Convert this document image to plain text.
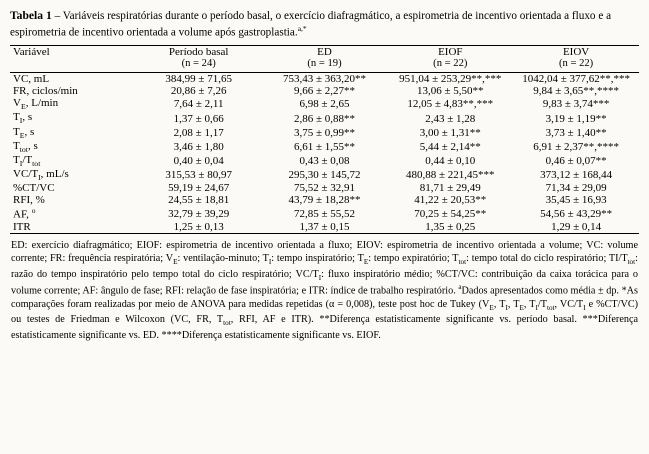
Tabela 1 – Variáveis respiratórias durante o período basal, o exercício diafragmático, a espirometria de incentivo orientada a fluxo e a espirometria de incentivo orientada a volume após gastroplastia.$^{a,*}$

Variável	Período basal	ED	EIOF	EIOV
	(n = 24)	(n = 19)	(n = 22)	(n = 22)
VC, mL	384,99 ± 71,65	753,43 ± 363,20**	951,04 ± 253,29**,***	1042,04 ± 377,62**,***
FR, ciclos/min	20,86 ± 7,26	9,66 ± 2,27**	13,06 ± 5,50**	9,84 ± 3,65**,****
$V_E$, L/min	7,64 ± 2,11	6,98 ± 2,65	12,05 ± 4,83**,***	9,83 ± 3,74***
$T_I$, s	1,37 ± 0,66	2,86 ± 0,88**	2,43 ± 1,28	3,19 ± 1,19**
$T_E$, s	2,08 ± 1,17	3,75 ± 0,99**	3,00 ± 1,31**	3,73 ± 1,40**
$T_{tot}$, s	3,46 ± 1,80	6,61 ± 1,55**	5,44 ± 2,14**	6,91 ± 2,37**,****
$T_I/T_{tot}$	0,40 ± 0,04	0,43 ± 0,08	0,44 ± 0,10	0,46 ± 0,07**
$VC/T_I$, mL/s	315,53 ± 80,97	295,30 ± 145,72	480,88 ± 221,45***	373,12 ± 168,44
%CT/VC	59,19 ± 24,67	75,52 ± 32,91	81,71 ± 29,49	71,34 ± 29,09
RFI, %	24,55 ± 18,81	43,79 ± 18,28**	41,22 ± 20,53**	35,45 ± 16,93
AF, $^o$	32,79 ± 39,29	72,85 ± 55,52	70,25 ± 54,25**	54,56 ± 43,29**
ITR	1,25 ± 0,13	1,37 ± 0,15	1,35 ± 0,25	1,29 ± 0,14

ED: exercício diafragmático; EIOF: espirometria de incentivo orientada a fluxo; EIOV: espirometria de incentivo orientada a volume; VC: volume corrente; FR: frequência respiratória; $V_E$: ventilação-minuto; $T_I$: tempo inspiratório; $T_E$: tempo expiratório; $T_{tot}$: tempo total do ciclo respiratório; $TI/T_{tot}$: razão do tempo inspiratório pelo tempo total do ciclo respiratório; $VC/T_I$: fluxo inspiratório médio; %CT/VC: contribuição da caixa torácica para o volume corrente; AF: ângulo de fase; RFI: relação de fase inspiratória; e ITR: índice de trabalho respiratório. $^a$Dados apresentados como média ± dp. *As comparações foram realizadas por meio de ANOVA para medidas repetidas (α = 0,008), teste post hoc de Tukey ($V_E$, $T_I$, $T_E$, $T_I/T_{tot}$, $VC/T_I$ e %CT/VC) ou testes de Friedman e Wilcoxon (VC, FR, $T_{tot}$, RFI, AF e ITR). **Diferença estatisticamente significante vs. período basal. ***Diferença estatisticamente significante vs. ED. ****Diferença estatisticamente significante vs. EIOF.
